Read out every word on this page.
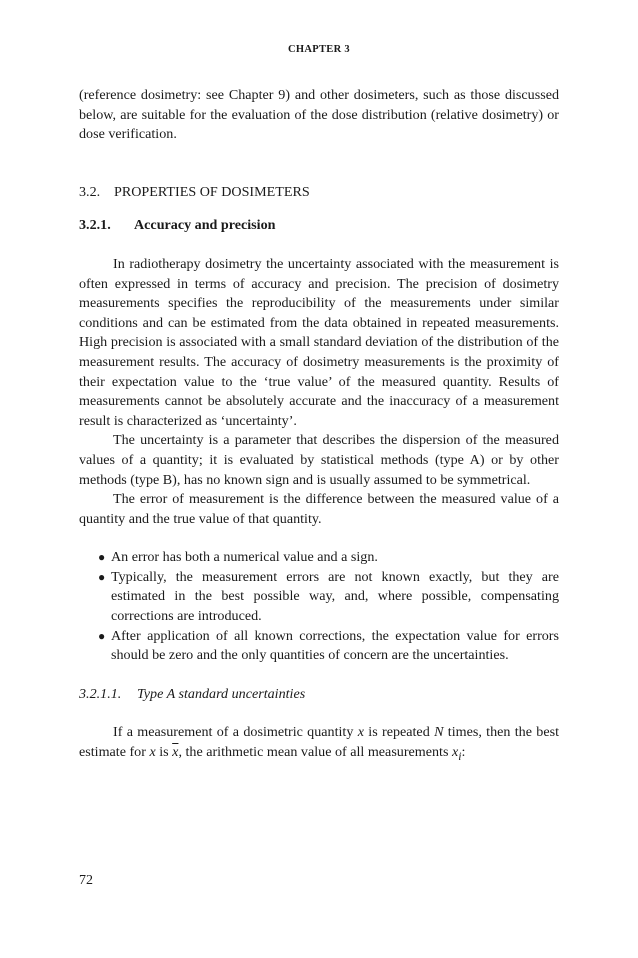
CHAPTER 3

(reference dosimetry: see Chapter 9) and other dosimeters, such as those discussed below, are suitable for the evaluation of the dose distribution (relative dosimetry) or dose verification.

3.2. PROPERTIES OF DOSIMETERS
3.2.1. Accuracy and precision

In radiotherapy dosimetry the uncertainty associated with the measurement is often expressed in terms of accuracy and precision. The precision of dosimetry measurements specifies the reproducibility of the measurements under similar conditions and can be estimated from the data obtained in repeated measurements. High precision is associated with a small standard deviation of the distribution of the measurement results. The accuracy of dosimetry measurements is the proximity of their expectation value to the ‘true value’ of the measured quantity. Results of measurements cannot be absolutely accurate and the inaccuracy of a measurement result is characterized as ‘uncertainty’.

The uncertainty is a parameter that describes the dispersion of the measured values of a quantity; it is evaluated by statistical methods (type A) or by other methods (type B), has no known sign and is usually assumed to be symmetrical.

The error of measurement is the difference between the measured value of a quantity and the true value of that quantity.

● An error has both a numerical value and a sign.
● Typically, the measurement errors are not known exactly, but they are estimated in the best possible way, and, where possible, compensating corrections are introduced.
● After application of all known corrections, the expectation value for errors should be zero and the only quantities of concern are the uncertainties.
3.2.1.1. Type A standard uncertainties

If a measurement of a dosimetric quantity x is repeated N times, then the best estimate for x is $\overline{x}$, the arithmetic mean value of all measurements $x_i$:

72
